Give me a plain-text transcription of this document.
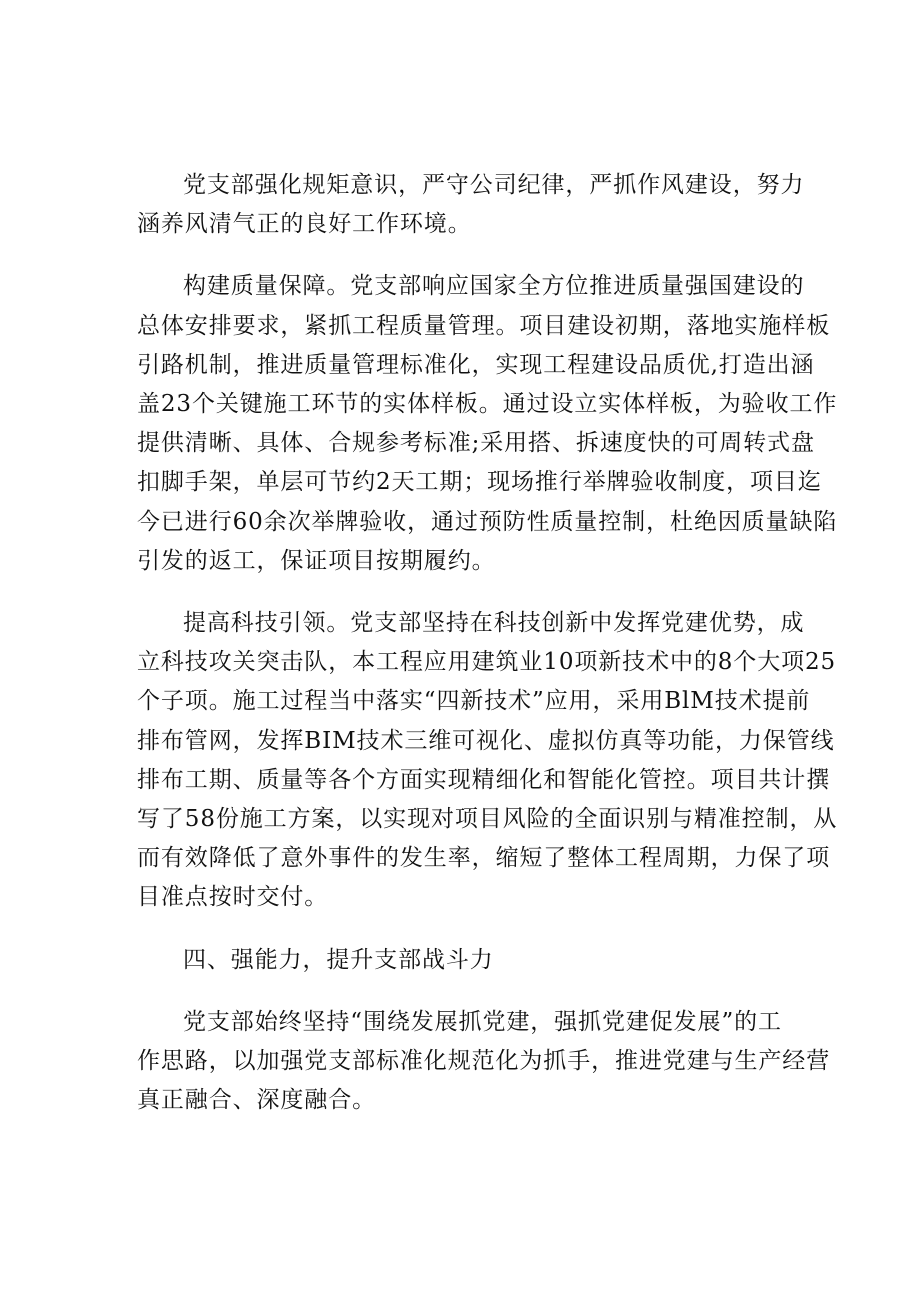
党支部强化规矩意识，严守公司纪律，严抓作风建设，努力
涵养风清气正的良好工作环境。

构建质量保障。党支部响应国家全方位推进质量强国建设的
总体安排要求，紧抓工程质量管理。项目建设初期，落地实施样板
引路机制，推进质量管理标准化，实现工程建设品质优,打造出涵
盖23个关键施工环节的实体样板。通过设立实体样板，为验收工作
提供清晰、具体、合规参考标准;采用搭、拆速度快的可周转式盘
扣脚手架，单层可节约2天工期；现场推行举牌验收制度，项目迄
今已进行60余次举牌验收，通过预防性质量控制，杜绝因质量缺陷
引发的返工，保证项目按期履约。

提高科技引领。党支部坚持在科技创新中发挥党建优势，成
立科技攻关突击队，本工程应用建筑业10项新技术中的8个大项25
个子项。施工过程当中落实“四新技术”应用，采用BlM技术提前
排布管网，发挥BIM技术三维可视化、虚拟仿真等功能，力保管线
排布工期、质量等各个方面实现精细化和智能化管控。项目共计撰
写了58份施工方案，以实现对项目风险的全面识别与精准控制，从
而有效降低了意外事件的发生率，缩短了整体工程周期，力保了项
目准点按时交付。

四、强能力，提升支部战斗力

党支部始终坚持“围绕发展抓党建，强抓党建促发展”的工
作思路，以加强党支部标准化规范化为抓手，推进党建与生产经营
真正融合、深度融合。
